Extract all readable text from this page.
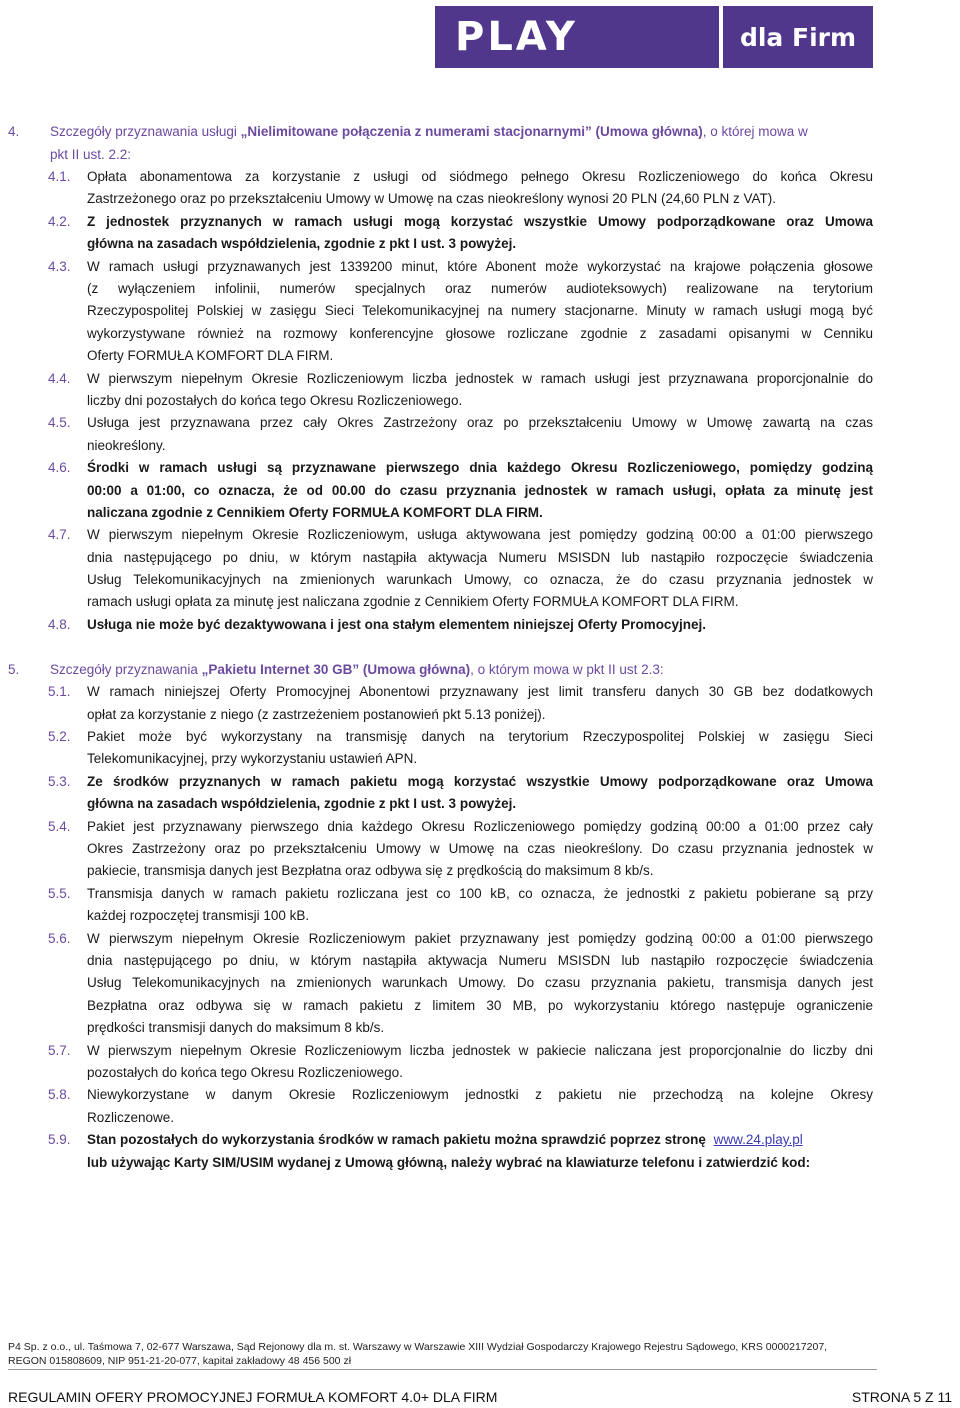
PLAY	dla Firm
4. Szczegóły przyznawania usługi „Nielimitowane połączenia z numerami stacjonarnymi” (Umowa główna), o której mowa w
pkt II ust. 2.2:
4.1. Opłata abonamentowa za korzystanie z usługi od siódmego pełnego Okresu Rozliczeniowego do końca Okresu
Zastrzeżonego oraz po przekształceniu Umowy w Umowę na czas nieokreślony wynosi 20 PLN (24,60 PLN z VAT).
4.2. Z jednostek przyznanych w ramach usługi mogą korzystać wszystkie Umowy podporządkowane oraz Umowa
główna na zasadach współdzielenia, zgodnie z pkt I ust. 3 powyżej.
4.3. W ramach usługi przyznawanych jest 1339200 minut, które Abonent może wykorzystać na krajowe połączenia głosowe
(z wyłączeniem infolinii, numerów specjalnych oraz numerów audioteksowych) realizowane na terytorium
Rzeczypospolitej Polskiej w zasięgu Sieci Telekomunikacyjnej na numery stacjonarne. Minuty w ramach usługi mogą być
wykorzystywane również na rozmowy konferencyjne głosowe rozliczane zgodnie z zasadami opisanymi w Cenniku
Oferty FORMUŁA KOMFORT DLA FIRM.
4.4. W pierwszym niepełnym Okresie Rozliczeniowym liczba jednostek w ramach usługi jest przyznawana proporcjonalnie do
liczby dni pozostałych do końca tego Okresu Rozliczeniowego.
4.5. Usługa jest przyznawana przez cały Okres Zastrzeżony oraz po przekształceniu Umowy w Umowę zawartą na czas
nieokreślony.
4.6. Środki w ramach usługi są przyznawane pierwszego dnia każdego Okresu Rozliczeniowego, pomiędzy godziną
00:00 a 01:00, co oznacza, że od 00.00 do czasu przyznania jednostek w ramach usługi, opłata za minutę jest
naliczana zgodnie z Cennikiem Oferty FORMUŁA KOMFORT DLA FIRM.
4.7. W pierwszym niepełnym Okresie Rozliczeniowym, usługa aktywowana jest pomiędzy godziną 00:00 a 01:00 pierwszego
dnia następującego po dniu, w którym nastąpiła aktywacja Numeru MSISDN lub nastąpiło rozpoczęcie świadczenia
Usług Telekomunikacyjnych na zmienionych warunkach Umowy, co oznacza, że do czasu przyznania jednostek w
ramach usługi opłata za minutę jest naliczana zgodnie z Cennikiem Oferty FORMUŁA KOMFORT DLA FIRM.
4.8. Usługa nie może być dezaktywowana i jest ona stałym elementem niniejszej Oferty Promocyjnej.
5. Szczegóły przyznawania „Pakietu Internet 30 GB” (Umowa główna), o którym mowa w pkt II ust 2.3:
5.1. W ramach niniejszej Oferty Promocyjnej Abonentowi przyznawany jest limit transferu danych 30 GB bez dodatkowych
opłat za korzystanie z niego (z zastrzeżeniem postanowień pkt 5.13 poniżej).
5.2. Pakiet może być wykorzystany na transmisję danych na terytorium Rzeczypospolitej Polskiej w zasięgu Sieci
Telekomunikacyjnej, przy wykorzystaniu ustawień APN.
5.3. Ze środków przyznanych w ramach pakietu mogą korzystać wszystkie Umowy podporządkowane oraz Umowa
główna na zasadach współdzielenia, zgodnie z pkt I ust. 3 powyżej.
5.4. Pakiet jest przyznawany pierwszego dnia każdego Okresu Rozliczeniowego pomiędzy godziną 00:00 a 01:00 przez cały
Okres Zastrzeżony oraz po przekształceniu Umowy w Umowę na czas nieokreślony. Do czasu przyznania jednostek w
pakiecie, transmisja danych jest Bezpłatna oraz odbywa się z prędkością do maksimum 8 kb/s.
5.5. Transmisja danych w ramach pakietu rozliczana jest co 100 kB, co oznacza, że jednostki z pakietu pobierane są przy
każdej rozpoczętej transmisji 100 kB.
5.6. W pierwszym niepełnym Okresie Rozliczeniowym pakiet przyznawany jest pomiędzy godziną 00:00 a 01:00 pierwszego
dnia następującego po dniu, w którym nastąpiła aktywacja Numeru MSISDN lub nastąpiło rozpoczęcie świadczenia
Usług Telekomunikacyjnych na zmienionych warunkach Umowy. Do czasu przyznania pakietu, transmisja danych jest
Bezpłatna oraz odbywa się w ramach pakietu z limitem 30 MB, po wykorzystaniu którego następuje ograniczenie
prędkości transmisji danych do maksimum 8 kb/s.
5.7. W pierwszym niepełnym Okresie Rozliczeniowym liczba jednostek w pakiecie naliczana jest proporcjonalnie do liczby dni
pozostałych do końca tego Okresu Rozliczeniowego.
5.8. Niewykorzystane w danym Okresie Rozliczeniowym jednostki z pakietu nie przechodzą na kolejne Okresy
Rozliczenowe.
5.9. Stan pozostałych do wykorzystania środków w ramach pakietu można sprawdzić poprzez stronę www.24.play.pl
lub używając Karty SIM/USIM wydanej z Umową główną, należy wybrać na klawiaturze telefonu i zatwierdzić kod:
P4 Sp. z o.o., ul. Taśmowa 7, 02-677 Warszawa, Sąd Rejonowy dla m. st. Warszawy w Warszawie XIII Wydział Gospodarczy Krajowego Rejestru Sądowego, KRS 0000217207,
REGON 015808609, NIP 951-21-20-077, kapitał zakładowy 48 456 500 zł
REGULAMIN OFERY PROMOCYJNEJ FORMUŁA KOMFORT 4.0+ DLA FIRM	STRONA 5 Z 11
